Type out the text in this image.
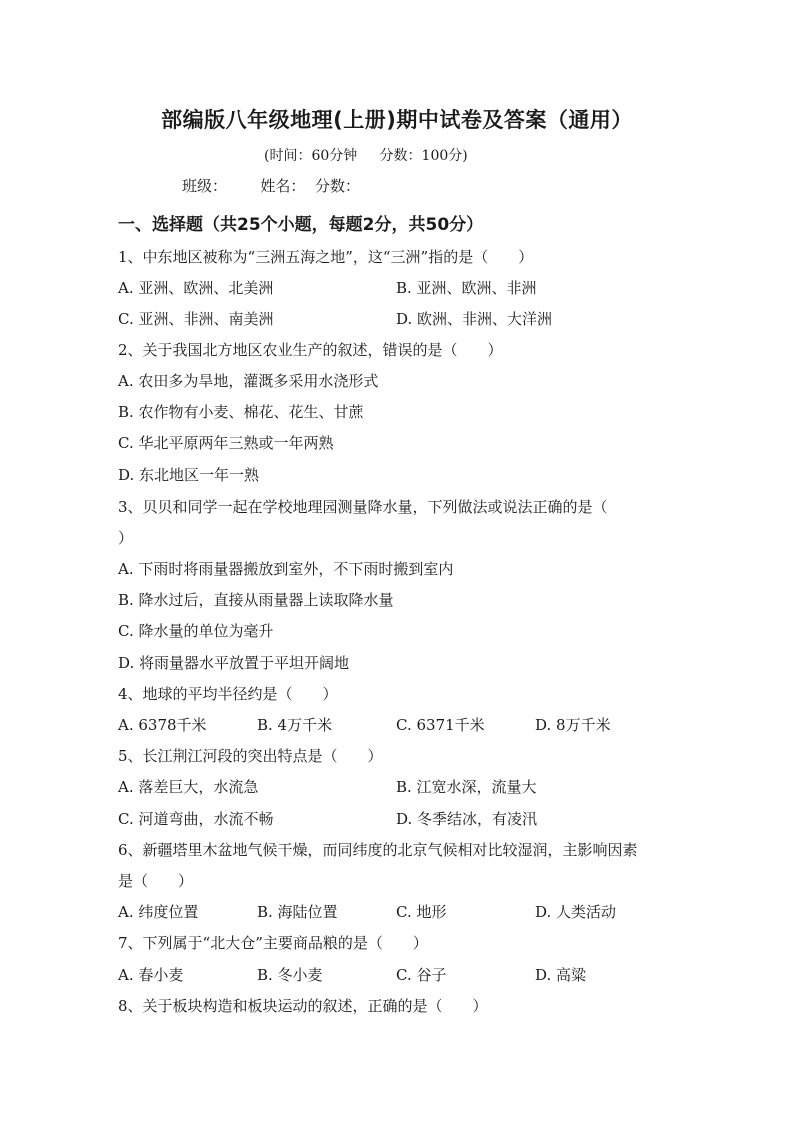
部编版八年级地理(上册)期中试卷及答案（通用）
(时间：60分钟 分数：100分)
班级： 姓名： 分数：
一、选择题（共25个小题，每题2分，共50分）
1、中东地区被称为“三洲五海之地”，这“三洲”指的是（　　）
A. 亚洲、欧洲、北美洲	B. 亚洲、欧洲、非洲
C. 亚洲、非洲、南美洲	D. 欧洲、非洲、大洋洲
2、关于我国北方地区农业生产的叙述，错误的是（　　）
A. 农田多为旱地，灌溉多采用水浇形式
B. 农作物有小麦、棉花、花生、甘蔗
C. 华北平原两年三熟或一年两熟
D. 东北地区一年一熟
3、贝贝和同学一起在学校地理园测量降水量，下列做法或说法正确的是（
）
A. 下雨时将雨量器搬放到室外，不下雨时搬到室内
B. 降水过后，直接从雨量器上读取降水量
C. 降水量的单位为毫升
D. 将雨量器水平放置于平坦开阔地
4、地球的平均半径约是（　　）
A. 6378千米	B. 4万千米	C. 6371千米	D. 8万千米
5、长江荆江河段的突出特点是（　　）
A. 落差巨大，水流急	B. 江宽水深，流量大
C. 河道弯曲，水流不畅	D. 冬季结冰，有凌汛
6、新疆塔里木盆地气候干燥，而同纬度的北京气候相对比较湿润，主影响因素
是（　　）
A. 纬度位置	B. 海陆位置	C. 地形	D. 人类活动
7、下列属于“北大仓”主要商品粮的是（　　）
A. 春小麦	B. 冬小麦	C. 谷子	D. 高粱
8、关于板块构造和板块运动的叙述，正确的是（　　）
